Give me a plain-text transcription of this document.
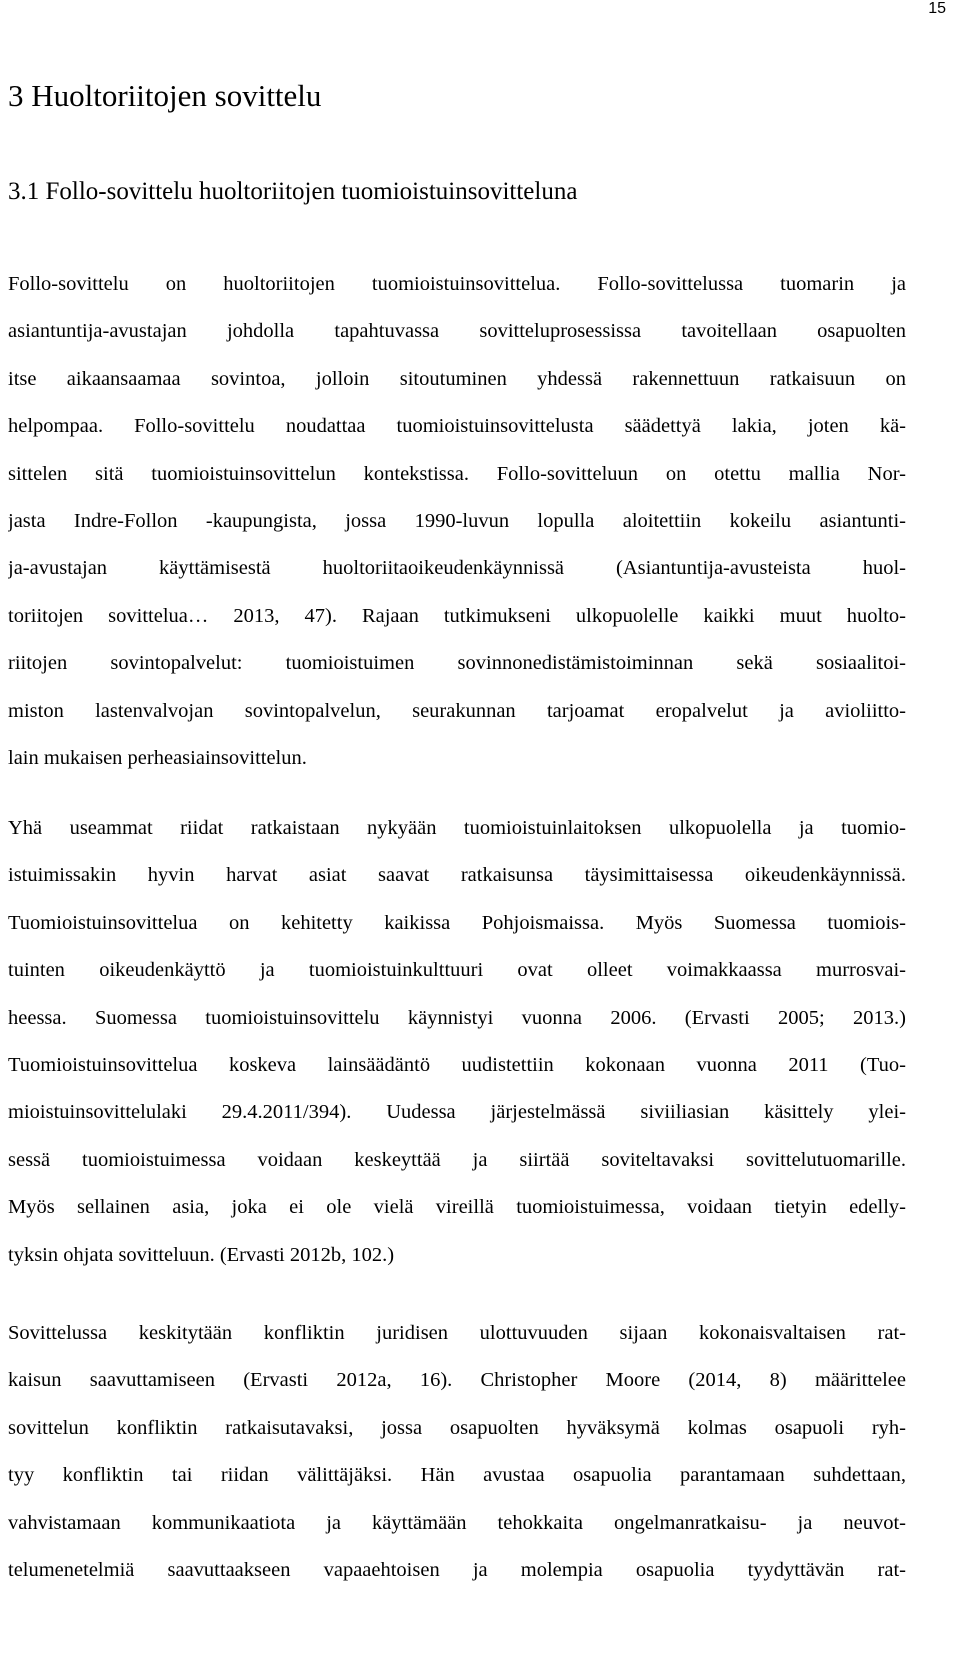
15
3 Huoltoriitojen sovittelu
3.1 Follo-sovittelu huoltoriitojen tuomioistuinsovitteluna
Follo-sovittelu on huoltoriitojen tuomioistuinsovittelua. Follo-sovittelussa tuomarin ja
asiantuntija-avustajan johdolla tapahtuvassa sovitteluprosessissa tavoitellaan osapuolten
itse aikaansaamaa sovintoa, jolloin sitoutuminen yhdessä rakennettuun ratkaisuun on
helpompaa. Follo-sovittelu noudattaa tuomioistuinsovittelusta säädettyä lakia, joten kä-
sittelen sitä tuomioistuinsovittelun kontekstissa. Follo-sovitteluun on otettu mallia Nor-
jasta Indre-Follon -kaupungista, jossa 1990-luvun lopulla aloitettiin kokeilu asiantunti-
ja-avustajan käyttämisestä huoltoriitaoikeudenkäynnissä (Asiantuntija-avusteista huol-
toriitojen sovittelua… 2013, 47). Rajaan tutkimukseni ulkopuolelle kaikki muut huolto-
riitojen sovintopalvelut: tuomioistuimen sovinnonedistämistoiminnan sekä sosiaalitoi-
miston lastenvalvojan sovintopalvelun, seurakunnan tarjoamat eropalvelut ja avioliitto-
lain mukaisen perheasiainsovittelun.
Yhä useammat riidat ratkaistaan nykyään tuomioistuinlaitoksen ulkopuolella ja tuomio-
istuimissakin hyvin harvat asiat saavat ratkaisunsa täysimittaisessa oikeudenkäynnissä.
Tuomioistuinsovittelua on kehitetty kaikissa Pohjoismaissa. Myös Suomessa tuomiois-
tuinten oikeudenkäyttö ja tuomioistuinkulttuuri ovat olleet voimakkaassa murrosvai-
heessa. Suomessa tuomioistuinsovittelu käynnistyi vuonna 2006. (Ervasti 2005; 2013.)
Tuomioistuinsovittelua koskeva lainsäädäntö uudistettiin kokonaan vuonna 2011 (Tuo-
mioistuinsovittelulaki 29.4.2011/394). Uudessa järjestelmässä siviiliasian käsittely ylei-
sessä tuomioistuimessa voidaan keskeyttää ja siirtää soviteltavaksi sovittelutuomarille.
Myös sellainen asia, joka ei ole vielä vireillä tuomioistuimessa, voidaan tietyin edelly-
tyksin ohjata sovitteluun. (Ervasti 2012b, 102.)
Sovittelussa keskitytään konfliktin juridisen ulottuvuuden sijaan kokonaisvaltaisen rat-
kaisun saavuttamiseen (Ervasti 2012a, 16). Christopher Moore (2014, 8) määrittelee
sovittelun konfliktin ratkaisutavaksi, jossa osapuolten hyväksymä kolmas osapuoli ryh-
tyy konfliktin tai riidan välittäjäksi. Hän avustaa osapuolia parantamaan suhdettaan,
vahvistamaan kommunikaatiota ja käyttämään tehokkaita ongelmanratkaisu- ja neuvot-
telumenetelmiä saavuttaakseen vapaaehtoisen ja molempia osapuolia tyydyttävän rat-
